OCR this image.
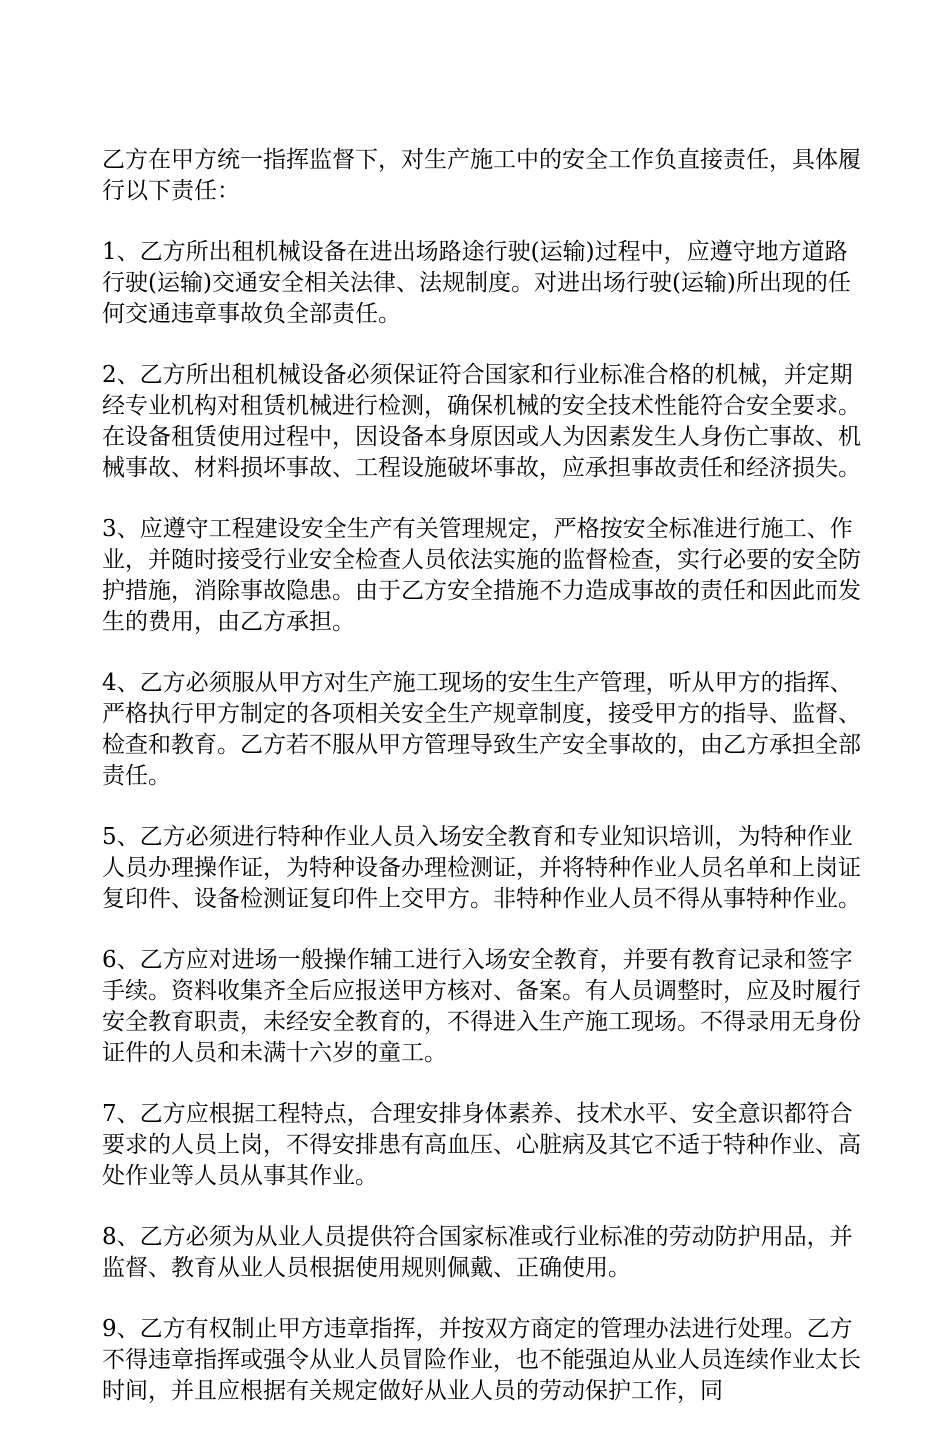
乙方在甲方统一指挥监督下，对生产施工中的安全工作负直接责任，具体履行以下责任：

1、乙方所出租机械设备在进出场路途行驶(运输)过程中，应遵守地方道路行驶(运输)交通安全相关法律、法规制度。对进出场行驶(运输)所出现的任何交通违章事故负全部责任。

2、乙方所出租机械设备必须保证符合国家和行业标准合格的机械，并定期经专业机构对租赁机械进行检测，确保机械的安全技术性能符合安全要求。在设备租赁使用过程中，因设备本身原因或人为因素发生人身伤亡事故、机械事故、材料损坏事故、工程设施破坏事故，应承担事故责任和经济损失。

3、应遵守工程建设安全生产有关管理规定，严格按安全标准进行施工、作业，并随时接受行业安全检查人员依法实施的监督检查，实行必要的安全防护措施，消除事故隐患。由于乙方安全措施不力造成事故的责任和因此而发生的费用，由乙方承担。

4、乙方必须服从甲方对生产施工现场的安生生产管理，听从甲方的指挥、严格执行甲方制定的各项相关安全生产规章制度，接受甲方的指导、监督、检查和教育。乙方若不服从甲方管理导致生产安全事故的，由乙方承担全部责任。

5、乙方必须进行特种作业人员入场安全教育和专业知识培训，为特种作业人员办理操作证，为特种设备办理检测证，并将特种作业人员名单和上岗证复印件、设备检测证复印件上交甲方。非特种作业人员不得从事特种作业。

6、乙方应对进场一般操作辅工进行入场安全教育，并要有教育记录和签字手续。资料收集齐全后应报送甲方核对、备案。有人员调整时，应及时履行安全教育职责，未经安全教育的，不得进入生产施工现场。不得录用无身份证件的人员和未满十六岁的童工。

7、乙方应根据工程特点，合理安排身体素养、技术水平、安全意识都符合要求的人员上岗，不得安排患有高血压、心脏病及其它不适于特种作业、高处作业等人员从事其作业。

8、乙方必须为从业人员提供符合国家标准或行业标准的劳动防护用品，并监督、教育从业人员根据使用规则佩戴、正确使用。

9、乙方有权制止甲方违章指挥，并按双方商定的管理办法进行处理。乙方不得违章指挥或强令从业人员冒险作业，也不能强迫从业人员连续作业太长时间，并且应根据有关规定做好从业人员的劳动保护工作，同
